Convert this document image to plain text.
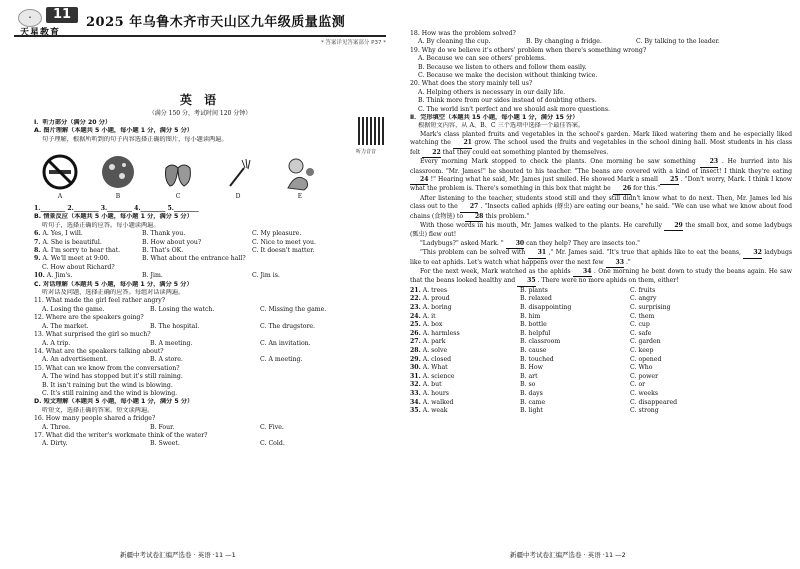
⚬	11
天星教育
2025 年乌鲁木齐市天山区九年级质量监测
* 答案详见答案部分 P37 *
英 语
（满分 150 分，考试时间 120 分钟）
听力音音
Ⅰ．听力部分（满分 20 分）
A. 图片理解（本题共 5 小题，每小题 1 分，满分 5 分）
句子理解，根据所听到的句子内容选择正确的图片，每小题读两遍。
A	B	C	D	E
1.________ 2.________ 3.________ 4.________ 5.________
B. 情景反应（本题共 5 小题，每小题 1 分，满分 5 分）
听句子，选择正确的应答。每小题读两遍。
6. A. Yes, I will.	B. Thank you.	C. My pleasure.
7. A. She is beautiful.	B. How about you?	C. Nice to meet you.
8. A. I'm sorry to hear that.	B. That's OK.	C. It doesn't matter.
9. A. We'll meet at 9:00.	B. What about the entrance hall?
C. How about Richard?
10. A. Jim's.	B. Jim.	C. Jim is.
C. 对话理解（本题共 5 小题，每小题 1 分，满分 5 分）
听对话及问题，选择正确的应答。每组对话读两遍。
11. What made the girl feel rather angry?
A. Losing the game.	B. Losing the watch.	C. Missing the game.
12. Where are the speakers going?
A. The market.	B. The hospital.	C. The drugstore.
13. What surprised the girl so much?
A. A trip.	B. A meeting.	C. An invitation.
14. What are the speakers talking about?
A. An advertisement.	B. A store.	C. A meeting.
15. What can we know from the conversation?
A. The wind has stopped but it's still raining.
B. It isn't raining but the wind is blowing.
C. It's still raining and the wind is blowing.
D. 短文理解（本题共 5 小题，每小题 1 分，满分 5 分）
听短文，选择正确的答案。短文读两遍。
16. How many people shared a fridge?
A. Three.	B. Four.	C. Five.
17. What did the writer's workmate think of the water?
A. Dirty.	B. Sweet.	C. Cold.
新疆中考试卷汇编严选卷 · 英语 ·11 —1
18. How was the problem solved?
A. By cleaning the cup.	B. By changing a fridge.	C. By talking to the leader.
19. Why do we believe it's others' problem when there's something wrong?
A. Because we can see others' problems.
B. Because we listen to others and follow them easily.
C. Because we make the decision without thinking twice.
20. What does the story mainly tell us?
A. Helping others is necessary in our daily life.
B. Think more from our sides instead of doubting others.
C. The world isn't perfect and we should ask more questions.
Ⅱ．完形填空（本题共 15 小题，每小题 1 分，满分 15 分）
根据短文内容，从 A、B、C 三个选项中选择一个最佳答案。
Mark's class planted fruits and vegetables in the school's garden. Mark liked watering them and he especially liked watching the 21 grow. The school used the fruits and vegetables in the school dining hall. Most students in his class felt 22 that they could eat something planted by themselves.
Every morning Mark stopped to check the plants. One morning he saw something 23 . He hurried into his classroom. "Mr. James!" he shouted to his teacher. "The beans are covered with a kind of insect! I think they're eating 24 !" Hearing what he said, Mr. James just smiled. He showed Mark a small 25 . "Don't worry, Mark. I think I know what the problem is. There's something in this box that might be 26 for this."
After listening to the teacher, students stood still and they still didn't know what to do next. Then, Mr. James led his class out to the 27 . "Insects called aphids (蚜虫) are eating our beans," he said. "We can use what we know about food chains (食物链) to 28 this problem."
With those words in his mouth, Mr. James walked to the plants. He carefully 29 the small box, and some ladybugs (瓢虫) flew out!
"Ladybugs?" asked Mark. " 30 can they help? They are insects too."
"This problem can be solved with 31 ," Mr. James said. "It's true that aphids like to eat the beans, 32 ladybugs like to eat aphids. Let's watch what happens over the next few 33 ."
For the next week, Mark watched as the aphids 34 . One morning he bent down to study the beans again. He saw that the beans looked healthy and 35 . There were no more aphids on them, either!
21. A. trees	B. plants	C. fruits
22. A. proud	B. relaxed	C. angry
23. A. boring	B. disappointing	C. surprising
24. A. it	B. him	C. them
25. A. box	B. bottle	C. cup
26. A. harmless	B. helpful	C. safe
27. A. park	B. classroom	C. garden
28. A. solve	B. cause	C. keep
29. A. closed	B. touched	C. opened
30. A. What	B. How	C. Who
31. A. science	B. art	C. power
32. A. but	B. so	C. or
33. A. hours	B. days	C. weeks
34. A. walked	B. came	C. disappeared
35. A. weak	B. light	C. strong
新疆中考试卷汇编严选卷 · 英语 ·11 —2
